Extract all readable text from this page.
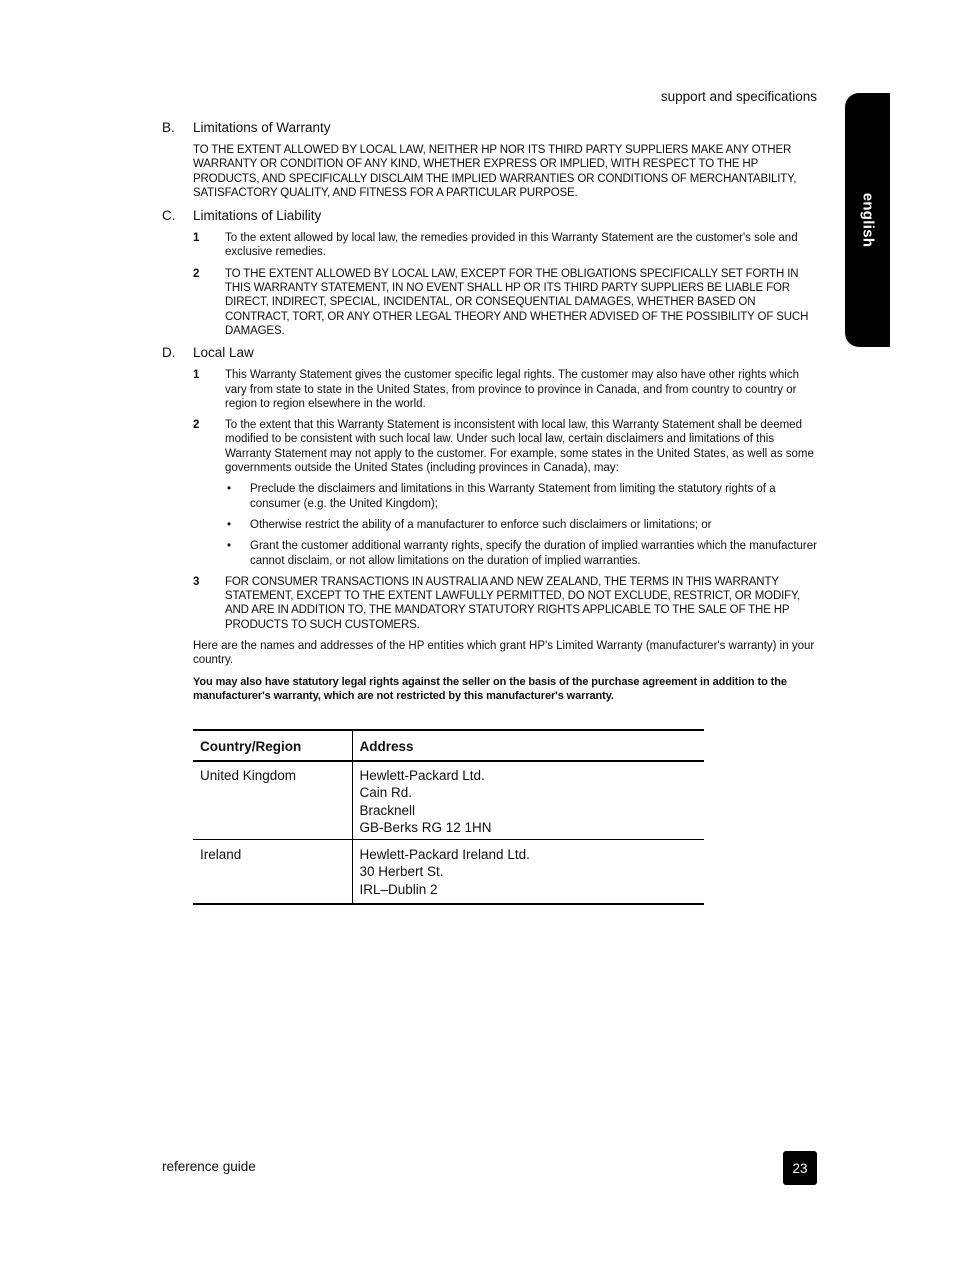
support and specifications
english
B.	Limitations of Warranty

TO THE EXTENT ALLOWED BY LOCAL LAW, NEITHER HP NOR ITS THIRD PARTY SUPPLIERS MAKE ANY OTHER WARRANTY OR CONDITION OF ANY KIND, WHETHER EXPRESS OR IMPLIED, WITH RESPECT TO THE HP PRODUCTS, AND SPECIFICALLY DISCLAIM THE IMPLIED WARRANTIES OR CONDITIONS OF MERCHANTABILITY, SATISFACTORY QUALITY, AND FITNESS FOR A PARTICULAR PURPOSE.

C.	Limitations of Liability
1	To the extent allowed by local law, the remedies provided in this Warranty Statement are the customer's sole and exclusive remedies.
2	TO THE EXTENT ALLOWED BY LOCAL LAW, EXCEPT FOR THE OBLIGATIONS SPECIFICALLY SET FORTH IN THIS WARRANTY STATEMENT, IN NO EVENT SHALL HP OR ITS THIRD PARTY SUPPLIERS BE LIABLE FOR DIRECT, INDIRECT, SPECIAL, INCIDENTAL, OR CONSEQUENTIAL DAMAGES, WHETHER BASED ON CONTRACT, TORT, OR ANY OTHER LEGAL THEORY AND WHETHER ADVISED OF THE POSSIBILITY OF SUCH DAMAGES.
D.	Local Law
1	This Warranty Statement gives the customer specific legal rights. The customer may also have other rights which vary from state to state in the United States, from province to province in Canada, and from country to country or region to region elsewhere in the world.
2	To the extent that this Warranty Statement is inconsistent with local law, this Warranty Statement shall be deemed modified to be consistent with such local law. Under such local law, certain disclaimers and limitations of this Warranty Statement may not apply to the customer. For example, some states in the United States, as well as some governments outside the United States (including provinces in Canada), may:
•	Preclude the disclaimers and limitations in this Warranty Statement from limiting the statutory rights of a consumer (e.g. the United Kingdom);
•	Otherwise restrict the ability of a manufacturer to enforce such disclaimers or limitations; or
•	Grant the customer additional warranty rights, specify the duration of implied warranties which the manufacturer cannot disclaim, or not allow limitations on the duration of implied warranties.
3	FOR CONSUMER TRANSACTIONS IN AUSTRALIA AND NEW ZEALAND, THE TERMS IN THIS WARRANTY STATEMENT, EXCEPT TO THE EXTENT LAWFULLY PERMITTED, DO NOT EXCLUDE, RESTRICT, OR MODIFY, AND ARE IN ADDITION TO, THE MANDATORY STATUTORY RIGHTS APPLICABLE TO THE SALE OF THE HP PRODUCTS TO SUCH CUSTOMERS.

Here are the names and addresses of the HP entities which grant HP's Limited Warranty (manufacturer's warranty) in your country.

You may also have statutory legal rights against the seller on the basis of the purchase agreement in addition to the manufacturer's warranty, which are not restricted by this manufacturer's warranty.

Country/Region	Address
United Kingdom	Hewlett-Packard Ltd.
Cain Rd.
Bracknell
GB-Berks RG 12 1HN

Ireland	Hewlett-Packard Ireland Ltd.
30 Herbert St.
IRL–Dublin 2
reference guide	23
